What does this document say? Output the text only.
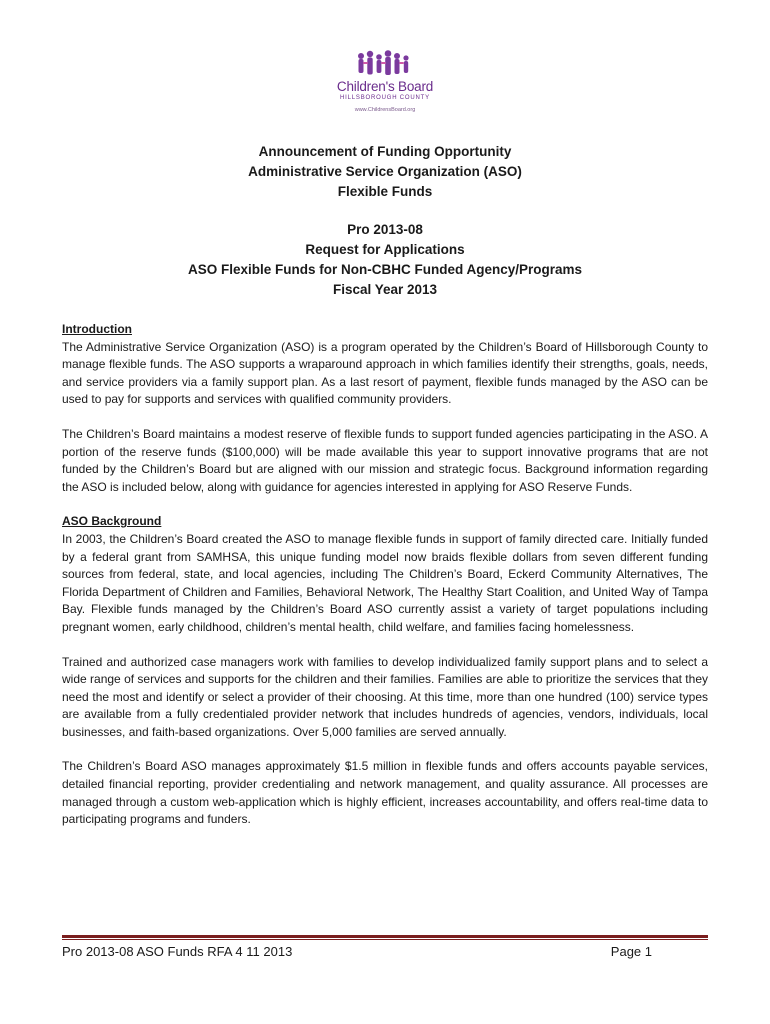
Children's Board
HILLSBOROUGH COUNTY
www.ChildrensBoard.org
Announcement of Funding Opportunity
Administrative Service Organization (ASO)
Flexible Funds
Pro 2013-08
Request for Applications
ASO Flexible Funds for Non-CBHC Funded Agency/Programs
Fiscal Year 2013
Introduction

The Administrative Service Organization (ASO) is a program operated by the Children’s Board of Hillsborough County to manage flexible funds. The ASO supports a wraparound approach in which families identify their strengths, goals, needs, and service providers via a family support plan. As a last resort of payment, flexible funds managed by the ASO can be used to pay for supports and services with qualified community providers.

The Children’s Board maintains a modest reserve of flexible funds to support funded agencies participating in the ASO. A portion of the reserve funds ($100,000) will be made available this year to support innovative programs that are not funded by the Children’s Board but are aligned with our mission and strategic focus. Background information regarding the ASO is included below, along with guidance for agencies interested in applying for ASO Reserve Funds.

ASO Background

In 2003, the Children’s Board created the ASO to manage flexible funds in support of family directed care. Initially funded by a federal grant from SAMHSA, this unique funding model now braids flexible dollars from seven different funding sources from federal, state, and local agencies, including The Children’s Board, Eckerd Community Alternatives, The Florida Department of Children and Families, Behavioral Network, The Healthy Start Coalition, and United Way of Tampa Bay. Flexible funds managed by the Children’s Board ASO currently assist a variety of target populations including pregnant women, early childhood, children’s mental health, child welfare, and families facing homelessness.

Trained and authorized case managers work with families to develop individualized family support plans and to select a wide range of services and supports for the children and their families. Families are able to prioritize the services that they need the most and identify or select a provider of their choosing. At this time, more than one hundred (100) service types are available from a fully credentialed provider network that includes hundreds of agencies, vendors, individuals, local businesses, and faith-based organizations. Over 5,000 families are served annually.

The Children’s Board ASO manages approximately $1.5 million in flexible funds and offers accounts payable services, detailed financial reporting, provider credentialing and network management, and quality assurance. All processes are managed through a custom web-application which is highly efficient, increases accountability, and offers real-time data to participating programs and funders.

Pro 2013-08 ASO Funds RFA 4 11 2013	Page 1
